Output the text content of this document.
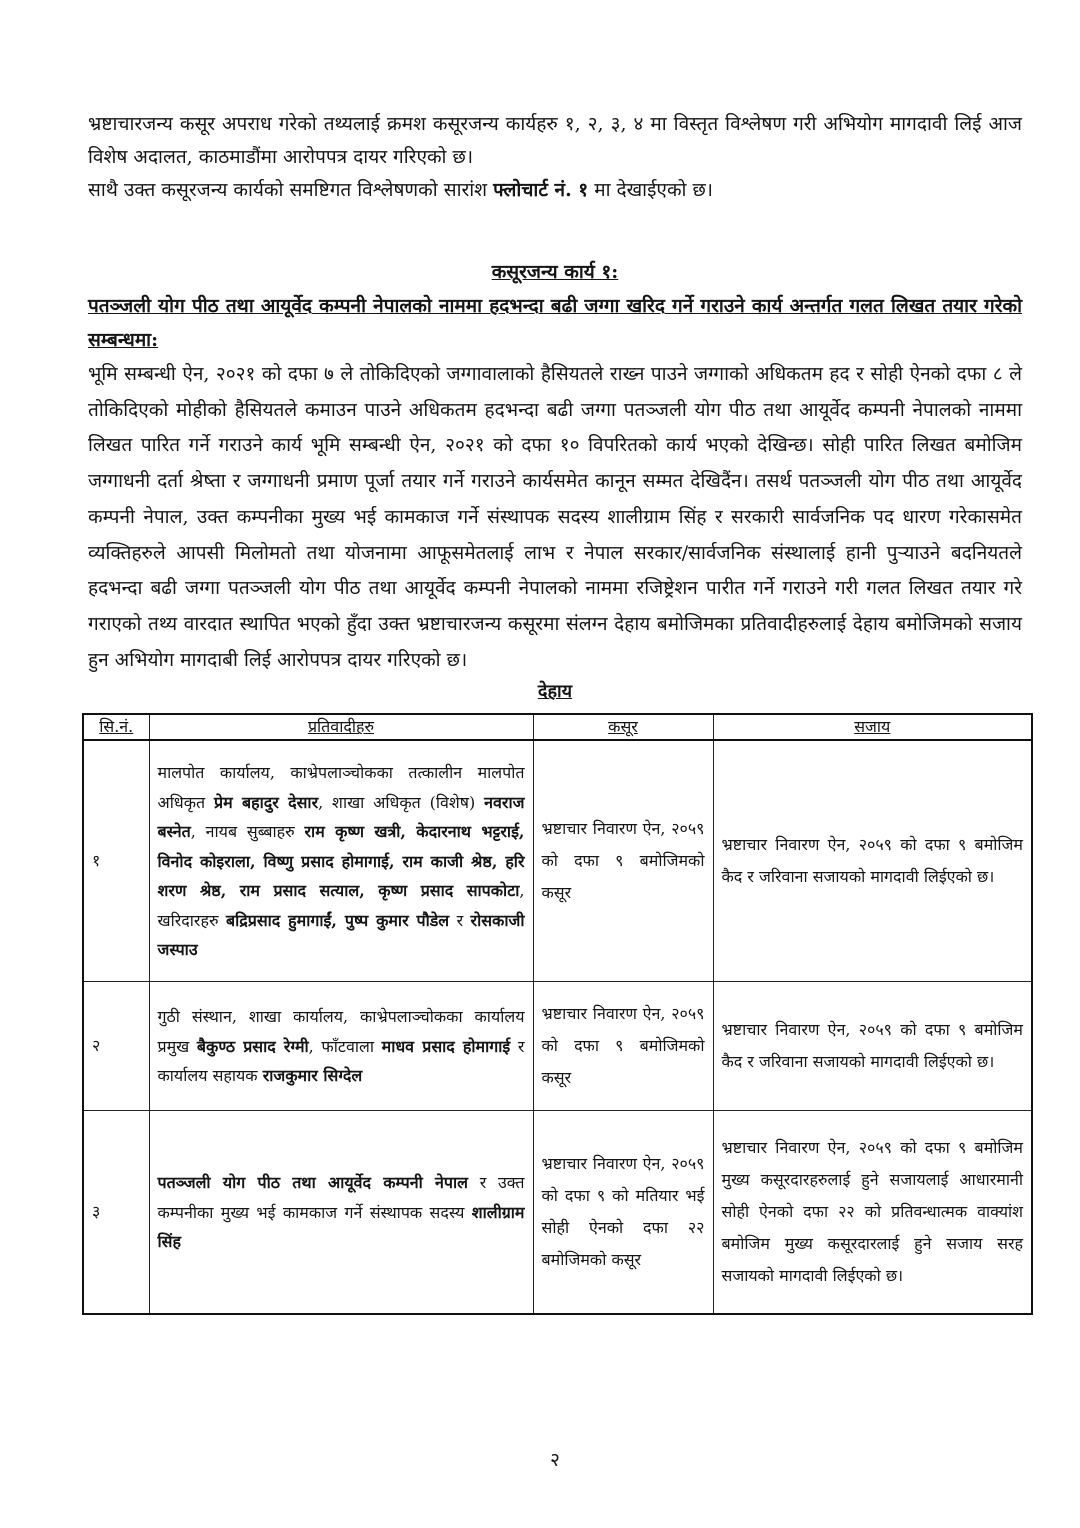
भ्रष्टाचारजन्य कसूर अपराध गरेको तथ्यलाई क्रमश कसूरजन्य कार्यहरु १, २, ३, ४ मा विस्तृत विश्लेषण गरी अभियोग मागदावी लिई आज विशेष अदालत, काठमाडौंमा आरोपपत्र दायर गरिएको छ।

साथै उक्त कसूरजन्य कार्यको समष्टिगत विश्लेषणको सारांश फ्लोचार्ट नं. १ मा देखाईएको छ।

कसूरजन्य कार्य १:

पतञ्जली योग पीठ तथा आयूर्वेद कम्पनी नेपालको नाममा हदभन्दा बढी जग्गा खरिद गर्ने गराउने कार्य अन्तर्गत गलत लिखत तयार गरेको सम्बन्धमा:

भूमि सम्बन्धी ऐन, २०२१ को दफा ७ ले तोकिदिएको जग्गावालाको हैसियतले राख्न पाउने जग्गाको अधिकतम हद र सोही ऐनको दफा ८ ले तोकिदिएको मोहीको हैसियतले कमाउन पाउने अधिकतम हदभन्दा बढी जग्गा पतञ्जली योग पीठ तथा आयूर्वेद कम्पनी नेपालको नाममा लिखत पारित गर्ने गराउने कार्य भूमि सम्बन्धी ऐन, २०२१ को दफा १० विपरितको कार्य भएको देखिन्छ। सोही पारित लिखत बमोजिम जग्गाधनी दर्ता श्रेष्ता र जग्गाधनी प्रमाण पूर्जा तयार गर्ने गराउने कार्यसमेत कानून सम्मत देखिदैंन। तसर्थ पतञ्जली योग पीठ तथा आयूर्वेद कम्पनी नेपाल, उक्त कम्पनीका मुख्य भई कामकाज गर्ने संस्थापक सदस्य शालीग्राम सिंह र सरकारी सार्वजनिक पद धारण गरेकासमेत व्यक्तिहरुले आपसी मिलोमतो तथा योजनामा आफूसमेतलाई लाभ र नेपाल सरकार/सार्वजनिक संस्थालाई हानी पुऱ्याउने बदनियतले हदभन्दा बढी जग्गा पतञ्जली योग पीठ तथा आयूर्वेद कम्पनी नेपालको नाममा रजिष्ट्रेशन पारीत गर्ने गराउने गरी गलत लिखत तयार गरे गराएको तथ्य वारदात स्थापित भएको हुँदा उक्त भ्रष्टाचारजन्य कसूरमा संलग्न देहाय बमोजिमका प्रतिवादीहरुलाई देहाय बमोजिमको सजाय हुन अभियोग मागदाबी लिई आरोपपत्र दायर गरिएको छ।

देहाय
सि.नं.	प्रतिवादीहरु	कसूर	सजाय
१	मालपोत कार्यालय, काभ्रेपलाञ्चोकका तत्कालीन मालपोत अधिकृत प्रेम बहादुर देसार, शाखा अधिकृत (विशेष) नवराज बस्नेत, नायब सुब्बाहरु राम कृष्ण खत्री, केदारनाथ भट्टराई, विनोद कोइराला, विष्णु प्रसाद होमागाई, राम काजी श्रेष्ठ, हरि शरण श्रेष्ठ, राम प्रसाद सत्याल, कृष्ण प्रसाद सापकोटा, खरिदारहरु बद्रिप्रसाद हुमागाईं, पुष्प कुमार पौडेल र रोसकाजी जस्पाउ	भ्रष्टाचार निवारण ऐन, २०५९ को दफा ९ बमोजिमको कसूर	भ्रष्टाचार निवारण ऐन, २०५९ को दफा ९ बमोजिम कैद र जरिवाना सजायको मागदावी लिईएको छ।
२	गुठी संस्थान, शाखा कार्यालय, काभ्रेपलाञ्चोकका कार्यालय प्रमुख बैकुण्ठ प्रसाद रेग्मी, फाँटवाला माधव प्रसाद होमागाई र कार्यालय सहायक राजकुमार सिग्देल	भ्रष्टाचार निवारण ऐन, २०५९ को दफा ९ बमोजिमको कसूर	भ्रष्टाचार निवारण ऐन, २०५९ को दफा ९ बमोजिम कैद र जरिवाना सजायको मागदावी लिईएको छ।
३	पतञ्जली योग पीठ तथा आयूर्वेद कम्पनी नेपाल र उक्त कम्पनीका मुख्य भई कामकाज गर्ने संस्थापक सदस्य शालीग्राम सिंह	भ्रष्टाचार निवारण ऐन, २०५९ को दफा ९ को मतियार भई सोही ऐनको दफा २२ बमोजिमको कसूर	भ्रष्टाचार निवारण ऐन, २०५९ को दफा ९ बमोजिम मुख्य कसूरदारहरुलाई हुने सजायलाई आधारमानी सोही ऐनको दफा २२ को प्रतिवन्धात्मक वाक्यांश बमोजिम मुख्य कसूरदारलाई हुने सजाय सरह सजायको मागदावी लिईएको छ।
२
